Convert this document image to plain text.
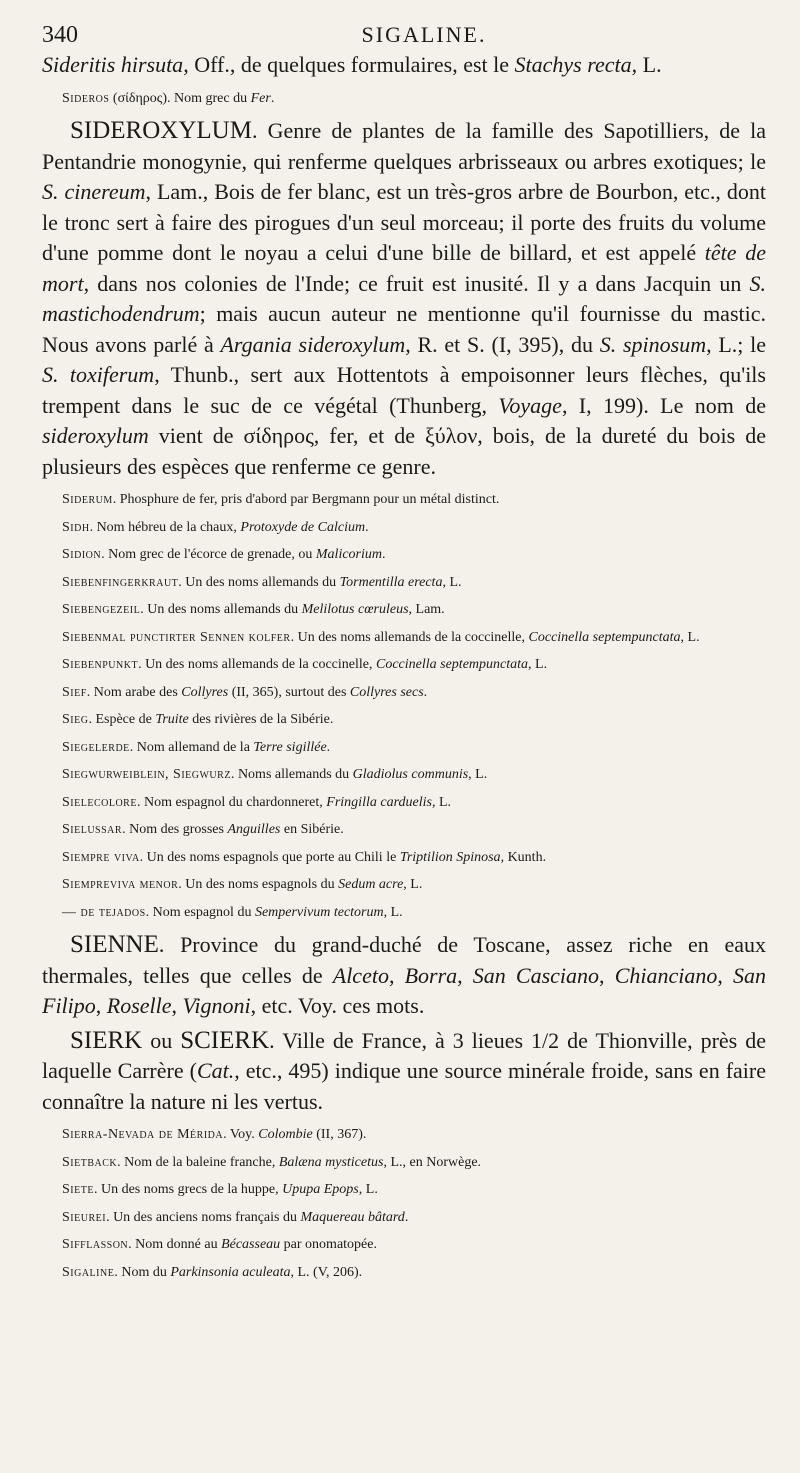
340	SIGALINE.

Sideritis hirsuta, Off., de quelques formulaires, est le Stachys recta, L.

Sideros (σίδηρος). Nom grec du Fer.

SIDEROXYLUM. Genre de plantes de la famille des Sapotilliers, de la Pentandrie monogynie, qui renferme quelques arbrisseaux ou arbres exotiques; le S. cinereum, Lam., Bois de fer blanc, est un très-gros arbre de Bourbon, etc., dont le tronc sert à faire des pirogues d'un seul morceau; il porte des fruits du volume d'une pomme dont le noyau a celui d'une bille de billard, et est appelé tête de mort, dans nos colonies de l'Inde; ce fruit est inusité. Il y a dans Jacquin un S. mastichodendrum; mais aucun auteur ne mentionne qu'il fournisse du mastic. Nous avons parlé à Argania sideroxylum, R. et S. (I, 395), du S. spinosum, L.; le S. toxiferum, Thunb., sert aux Hottentots à empoisonner leurs flèches, qu'ils trempent dans le suc de ce végétal (Thunberg, Voyage, I, 199). Le nom de sideroxylum vient de σίδηρος, fer, et de ξύλον, bois, de la dureté du bois de plusieurs des espèces que renferme ce genre.

Siderum. Phosphure de fer, pris d'abord par Bergmann pour un métal distinct.

Sidh. Nom hébreu de la chaux, Protoxyde de Calcium.

Sidion. Nom grec de l'écorce de grenade, ou Malicorium.

Siebenfingerkraut. Un des noms allemands du Tormentilla erecta, L.

Siebengezeil. Un des noms allemands du Melilotus cœruleus, Lam.

Siebenmal punctirter Sennen kolfer. Un des noms allemands de la coccinelle, Coccinella septempunctata, L.

Siebenpunkt. Un des noms allemands de la coccinelle, Coccinella septempunctata, L.

Sief. Nom arabe des Collyres (II, 365), surtout des Collyres secs.

Sieg. Espèce de Truite des rivières de la Sibérie.

Siegelerde. Nom allemand de la Terre sigillée.

Siegwurweiblein, Siegwurz. Noms allemands du Gladiolus communis, L.

Sielecolore. Nom espagnol du chardonneret, Fringilla carduelis, L.

Sielussar. Nom des grosses Anguilles en Sibérie.

Siempre viva. Un des noms espagnols que porte au Chili le Triptilion Spinosa, Kunth.

Siempreviva menor. Un des noms espagnols du Sedum acre, L.

— de tejados. Nom espagnol du Sempervivum tectorum, L.

SIENNE. Province du grand-duché de Toscane, assez riche en eaux thermales, telles que celles de Alceto, Borra, San Casciano, Chianciano, San Filipo, Roselle, Vignoni, etc. Voy. ces mots.

SIERK ou SCIERK. Ville de France, à 3 lieues 1/2 de Thionville, près de laquelle Carrère (Cat., etc., 495) indique une source minérale froide, sans en faire connaître la nature ni les vertus.

Sierra-Nevada de Mérida. Voy. Colombie (II, 367).

Sietback. Nom de la baleine franche, Balæna mysticetus, L., en Norwège.

Siete. Un des noms grecs de la huppe, Upupa Epops, L.

Sieurei. Un des anciens noms français du Maquereau bâtard.

Sifflasson. Nom donné au Bécasseau par onomatopée.

Sigaline. Nom du Parkinsonia aculeata, L. (V, 206).
